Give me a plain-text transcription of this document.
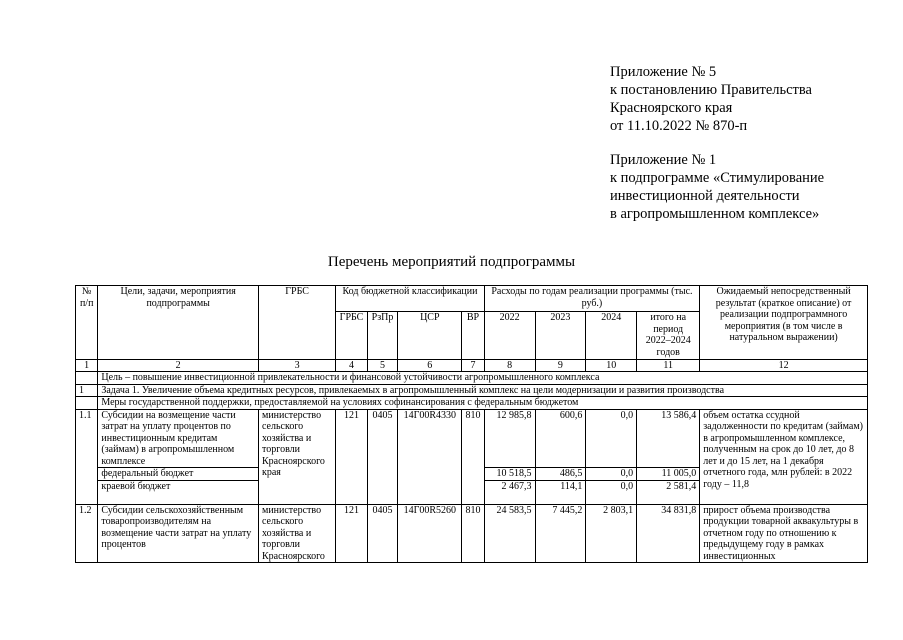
Приложение № 5

к постановлению Правительства

Красноярского края

от 11.10.2022 № 870-п

Приложение № 1

к подпрограмме «Стимулирование

инвестиционной деятельности

в агропромышленном комплексе»

Перечень мероприятий подпрограммы
№ п/п	Цели, задачи, мероприятия подпрограммы	ГРБС	Код бюджетной классификации				Расходы по годам реализации программы (тыс. руб.)				Ожидаемый непосредственный результат (краткое описание) от реализации подпрограммного мероприятия (в том числе в натуральном выражении)
			ГРБС	РзПр	ЦСР	ВР	2022	2023	2024	итого на период 2022–2024 годов	
1	2	3	4	5	6	7	8	9	10	11	12
	Цель – повышение инвестиционной привлекательности и финансовой устойчивости агропромышленного комплекса										
1	Задача 1. Увеличение объема кредитных ресурсов, привлекаемых в агропромышленный комплекс на цели модернизации и развития производства										
	Меры государственной поддержки, предоставляемой на условиях софинансирования с федеральным бюджетом										
1.1	Субсидии на возмещение части затрат на уплату процентов по инвестиционным кредитам (займам) в агропромышленном комплексе	министерство сельского хозяйства и торговли Красноярского края	121	0405	14Г00R4330	810	12 985,8	600,6	0,0	13 586,4	объем остатка ссудной задолженности по кредитам (займам) в агропромышленном комплексе, полученным на срок до 10 лет, до 8 лет и до 15 лет, на 1 декабря отчетного года, млн рублей: в 2022 году – 11,8
	федеральный бюджет						10 518,5	486,5	0,0	11 005,0	
	краевой бюджет						2 467,3	114,1	0,0	2 581,4	
1.2	Субсидии сельскохозяйственным товаропроизводителям на возмещение части затрат на уплату процентов	министерство сельского хозяйства и торговли Красноярского	121	0405	14Г00R5260	810	24 583,5	7 445,2	2 803,1	34 831,8	прирост объема производства продукции товарной аквакультуры в отчетном году по отношению к предыдущему году в рамках инвестиционных
